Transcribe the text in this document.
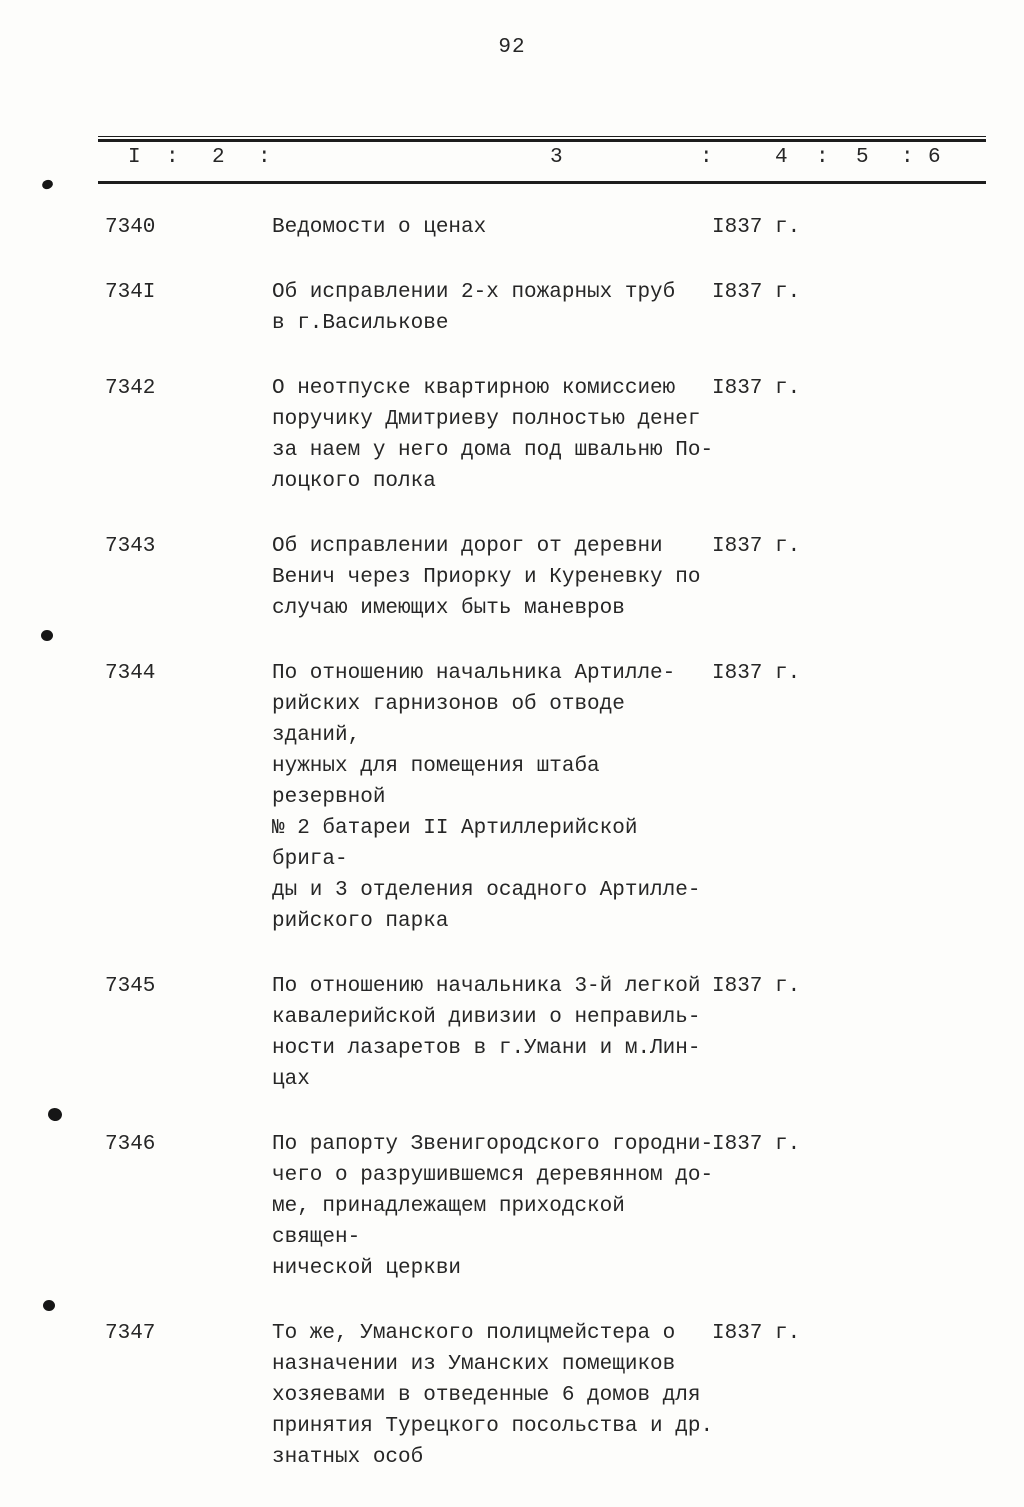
92
I : 2 :	3	:	4 : 5 : 6
7340	Ведомости о ценах	I837 г.
734I	Об исправлении 2-х пожарных труб
в г.Василькове
I837 г.
7342	О неотпуске квартирною комиссиею
поручику Дмитриеву полностью денег
за наем у него дома под швальню По-
лоцкого полка
I837 г.
7343	Об исправлении дорог от деревни
Венич через Приорку и Куреневку по
случаю имеющих быть маневров
I837 г.
7344	По отношению начальника Артилле-
рийских гарнизонов об отводе зданий,
нужных для помещения штаба резервной
№ 2 батареи II Артиллерийской брига-
ды и 3 отделения осадного Артилле-
рийского парка
I837 г.
7345	По отношению начальника 3-й легкой
кавалерийской дивизии о неправиль-
ности лазаретов в г.Умани и м.Лин-
цах
I837 г.
7346	По рапорту Звенигородского городни-
чего о разрушившемся деревянном до-
ме, принадлежащем приходской священ-
нической церкви
I837 г.
7347	То же, Уманского полицмейстера о
назначении из Уманских помещиков
хозяевами в отведенные 6 домов для
принятия Турецкого посольства и др.
знатных особ
I837 г.
